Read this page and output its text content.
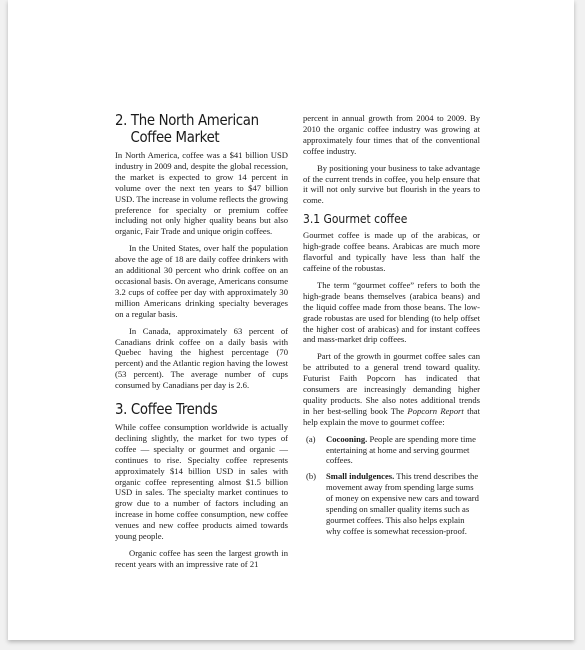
2. The North American
Coffee Market

In North America, coffee was a $41 billion USD industry in 2009 and, despite the global recession, the market is expected to grow 14 percent in volume over the next ten years to $47 billion USD. The increase in volume reflects the growing preference for specialty or premium coffee including not only higher quality beans but also organic, Fair Trade and unique origin coffees.

In the United States, over half the population above the age of 18 are daily coffee drinkers with an additional 30 percent who drink coffee on an occasional basis. On average, Americans consume 3.2 cups of coffee per day with approximately 30 million Americans drinking specialty beverages on a regular basis.

In Canada, approximately 63 percent of Canadians drink coffee on a daily basis with Quebec having the highest percentage (70 percent) and the Atlantic region having the lowest (53 percent). The average number of cups consumed by Canadians per day is 2.6.

3. Coffee Trends

While coffee consumption worldwide is actually declining slightly, the market for two types of coffee — specialty or gourmet and organic — continues to rise. Specialty coffee represents approximately $14 billion USD in sales with organic coffee representing almost $1.5 billion USD in sales. The specialty market continues to grow due to a number of factors including an increase in home coffee consumption, new coffee venues and new coffee products aimed towards young people.

Organic coffee has seen the largest growth in recent years with an impressive rate of 21

percent in annual growth from 2004 to 2009. By 2010 the organic coffee industry was growing at approximately four times that of the conventional coffee industry.

By positioning your business to take advantage of the current trends in coffee, you help ensure that it will not only survive but flourish in the years to come.

3.1 Gourmet coffee

Gourmet coffee is made up of the arabicas, or high-grade coffee beans. Arabicas are much more flavorful and typically have less than half the caffeine of the robustas.

The term “gourmet coffee” refers to both the high-grade beans themselves (arabica beans) and the liquid coffee made from those beans. The low-grade robustas are used for blending (to help offset the higher cost of arabicas) and for instant coffees and mass-market drip coffees.

Part of the growth in gourmet coffee sales can be attributed to a general trend toward quality. Futurist Faith Popcorn has indicated that consumers are increasingly demanding higher quality products. She also notes additional trends in her best-selling book The Popcorn Report that help explain the move to gourmet coffee:

(a)	Cocooning. People are spending more time entertaining at home and serving gourmet coffees.
(b)	Small indulgences. This trend describes the movement away from spending large sums of money on expensive new cars and toward spending on smaller quality items such as gourmet coffees. This also helps explain why coffee is somewhat recession-proof.
